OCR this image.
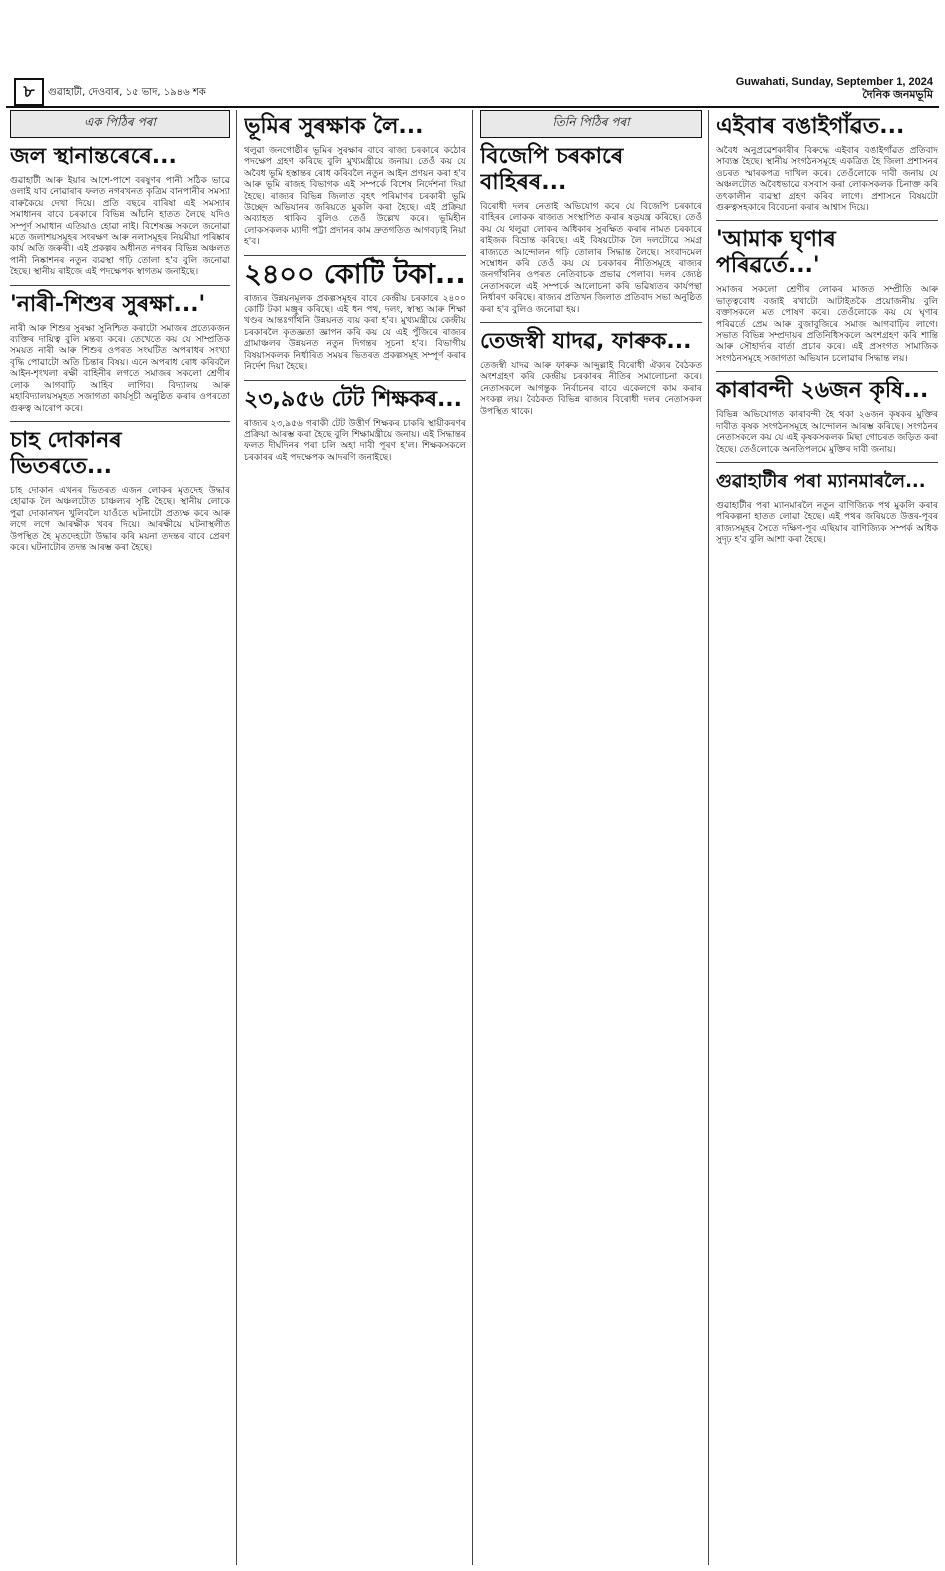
৮	গুৱাহাটী, দেওবাৰ, ১৫ ভাদ, ১৯৪৬ শক
Guwahati, Sunday, September 1, 2024
দৈনিক জনমভূমি
এক পিঠিৰ পৰা
জল স্থানান্তৰেৰে...
গুৱাহাটী আৰু ইয়াৰ আশে-পাশে বৰষুণৰ পানী সঠিক ভাৱে ওলাই যাব নোৱাৰাৰ ফলত নগৰখনত কৃত্ৰিম বানপানীৰ সমস্যা বাৰুকৈয়ে দেখা দিয়ে। প্ৰতি বছৰে বাৰিষা এই সমস্যাৰ সমাধানৰ বাবে চৰকাৰে বিভিন্ন আঁচনি হাতত লৈছে যদিও সম্পূৰ্ণ সমাধান এতিয়াও হোৱা নাই। বিশেষজ্ঞ সকলে জনোৱা মতে জলাশয়সমূহৰ সংৰক্ষণ আৰু নলাসমূহৰ নিয়মীয়া পৰিষ্কাৰ কাৰ্য অতি জৰুৰী। এই প্ৰকল্পৰ অধীনত নগৰৰ বিভিন্ন অঞ্চলত পানী নিষ্কাশনৰ নতুন ব্যৱস্থা গঢ়ি তোলা হ'ব বুলি জনোৱা হৈছে। স্থানীয় ৰাইজে এই পদক্ষেপক স্বাগতম জনাইছে।
'নাৰী-শিশুৰ সুৰক্ষা...'
নাৰী আৰু শিশুৰ সুৰক্ষা সুনিশ্চিত কৰাটো সমাজৰ প্ৰত্যেকজন ব্যক্তিৰ দায়িত্ব বুলি মন্তব্য কৰে। তেখেতে কয় যে সাম্প্ৰতিক সময়ত নাৰী আৰু শিশুৰ ওপৰত সংঘটিত অপৰাধৰ সংখ্যা বৃদ্ধি পোৱাটো অতি চিন্তাৰ বিষয়। এনে অপৰাধ ৰোধ কৰিবলৈ আইন-শৃংখলা ৰক্ষী বাহিনীৰ লগতে সমাজৰ সকলো শ্ৰেণীৰ লোক আগবাঢ়ি আহিব লাগিব। বিদ্যালয় আৰু মহাবিদ্যালয়সমূহত সজাগতা কাৰ্যসূচী অনুষ্ঠিত কৰাৰ ওপৰতো গুৰুত্ব আৰোপ কৰে।
চাহ দোকানৰ ভিতৰতে...
চাহ দোকান এখনৰ ভিতৰত এজন লোকৰ মৃতদেহ উদ্ধাৰ হোৱাক লৈ অঞ্চলটোত চাঞ্চল্যৰ সৃষ্টি হৈছে। স্থানীয় লোকে পুৱা দোকানখন খুলিবলৈ যাওঁতে ঘটনাটো প্ৰত্যক্ষ কৰে আৰু লগে লগে আৰক্ষীক খবৰ দিয়ে। আৰক্ষীয়ে ঘটনাস্থলীত উপস্থিত হৈ মৃতদেহটো উদ্ধাৰ কৰি ময়না তদন্তৰ বাবে প্ৰেৰণ কৰে। ঘটনাটোৰ তদন্ত আৰম্ভ কৰা হৈছে।
ভূমিৰ সুৰক্ষাক লৈ...
থলুৱা জনগোষ্ঠীৰ ভূমিৰ সুৰক্ষাৰ বাবে ৰাজ্য চৰকাৰে কঠোৰ পদক্ষেপ গ্ৰহণ কৰিছে বুলি মুখ্যমন্ত্ৰীয়ে জনায়। তেওঁ কয় যে অবৈধ ভূমি হস্তান্তৰ ৰোধ কৰিবলৈ নতুন আইন প্ৰণয়ন কৰা হ'ব আৰু ভূমি ৰাজহ বিভাগক এই সম্পৰ্কে বিশেষ নিৰ্দেশনা দিয়া হৈছে। ৰাজ্যৰ বিভিন্ন জিলাত বৃহৎ পৰিমাণৰ চৰকাৰী ভূমি উচ্ছেদ অভিযানৰ জৰিয়তে মুকলি কৰা হৈছে। এই প্ৰক্ৰিয়া অব্যাহত থাকিব বুলিও তেওঁ উল্লেখ কৰে। ভূমিহীন লোকসকলক ম্যাদী পট্টা প্ৰদানৰ কাম দ্ৰুতগতিত আগবঢ়াই নিয়া হ'ব।
২৪০০ কোটি টকা...
ৰাজ্যৰ উন্নয়নমূলক প্ৰকল্পসমূহৰ বাবে কেন্দ্ৰীয় চৰকাৰে ২৪০০ কোটি টকা মঞ্জুৰ কৰিছে। এই ধন পথ, দলং, স্বাস্থ্য আৰু শিক্ষা খণ্ডৰ আন্তঃগাঁথনি উন্নয়নত ব্যয় কৰা হ'ব। মুখ্যমন্ত্ৰীয়ে কেন্দ্ৰীয় চৰকাৰলৈ কৃতজ্ঞতা জ্ঞাপন কৰি কয় যে এই পুঁজিৰে ৰাজ্যৰ গ্ৰামাঞ্চলৰ উন্নয়নত নতুন দিগন্তৰ সূচনা হ'ব। বিভাগীয় বিষয়াসকলক নিৰ্ধাৰিত সময়ৰ ভিতৰত প্ৰকল্পসমূহ সম্পূৰ্ণ কৰাৰ নিৰ্দেশ দিয়া হৈছে।
২৩,৯৫৬ টেট শিক্ষকৰ...
ৰাজ্যৰ ২৩,৯৫৬ গৰাকী টেট উত্তীৰ্ণ শিক্ষকৰ চাকৰি স্থায়ীকৰণৰ প্ৰক্ৰিয়া আৰম্ভ কৰা হৈছে বুলি শিক্ষামন্ত্ৰীয়ে জনায়। এই সিদ্ধান্তৰ ফলত দীৰ্ঘদিনৰ পৰা চলি অহা দাবী পূৰণ হ'ল। শিক্ষকসকলে চৰকাৰৰ এই পদক্ষেপক আদৰণি জনাইছে।
তিনি পিঠিৰ পৰা
বিজেপি চৰকাৰে বাহিৰৰ...
বিৰোধী দলৰ নেতাই অভিযোগ কৰে যে বিজেপি চৰকাৰে বাহিৰৰ লোকক ৰাজ্যত সংস্থাপিত কৰাৰ ষড়যন্ত্ৰ কৰিছে। তেওঁ কয় যে থলুৱা লোকৰ অধিকাৰ সুৰক্ষিত কৰাৰ নামত চৰকাৰে ৰাইজক বিভ্ৰান্ত কৰিছে। এই বিষয়টোক লৈ দলটোৱে সমগ্ৰ ৰাজ্যতে আন্দোলন গঢ়ি তোলাৰ সিদ্ধান্ত লৈছে। সংবাদমেল সম্বোধন কৰি তেওঁ কয় যে চৰকাৰৰ নীতিসমূহে ৰাজ্যৰ জনগাঁথনিৰ ওপৰত নেতিবাচক প্ৰভাৱ পেলাব। দলৰ জ্যেষ্ঠ নেতাসকলে এই সম্পৰ্কে আলোচনা কৰি ভৱিষ্যতৰ কাৰ্যপন্থা নিৰ্ধাৰণ কৰিছে। ৰাজ্যৰ প্ৰতিখন জিলাত প্ৰতিবাদ সভা অনুষ্ঠিত কৰা হ'ব বুলিও জনোৱা হয়।
তেজস্বী যাদৱ, ফাৰুক...
তেজস্বী যাদৱ আৰু ফাৰুক আব্দুল্লাই বিৰোধী ঐক্যৰ বৈঠকত অংশগ্ৰহণ কৰি কেন্দ্ৰীয় চৰকাৰৰ নীতিৰ সমালোচনা কৰে। নেতাসকলে আগন্তুক নিৰ্বাচনৰ বাবে একেলগে কাম কৰাৰ সংকল্প লয়। বৈঠকত বিভিন্ন ৰাজ্যৰ বিৰোধী দলৰ নেতাসকল উপস্থিত থাকে।
এইবাৰ বঙাইগাঁৱত...
অবৈধ অনুপ্ৰৱেশকাৰীৰ বিৰুদ্ধে এইবাৰ বঙাইগাঁৱত প্ৰতিবাদ সাব্যস্ত হৈছে। স্থানীয় সংগঠনসমূহে একত্ৰিত হৈ জিলা প্ৰশাসনৰ ওচৰত স্মাৰকপত্ৰ দাখিল কৰে। তেওঁলোকে দাবী জনায় যে অঞ্চলটোত অবৈধভাৱে বসবাস কৰা লোকসকলক চিনাক্ত কৰি তৎকালীন ব্যৱস্থা গ্ৰহণ কৰিব লাগে। প্ৰশাসনে বিষয়টো গুৰুত্বসহকাৰে বিবেচনা কৰাৰ আশ্বাস দিয়ে।
'আমাক ঘৃণাৰ পৰিৱৰ্তে...'
সমাজৰ সকলো শ্ৰেণীৰ লোকৰ মাজত সম্প্ৰীতি আৰু ভাতৃত্ববোধ বজাই ৰখাটো আটাইতকৈ প্ৰয়োজনীয় বুলি বক্তাসকলে মত পোষণ কৰে। তেওঁলোকে কয় যে ঘৃণাৰ পৰিৱৰ্তে প্ৰেম আৰু বুজাবুজিৰে সমাজ আগবাঢ়িব লাগে। সভাত বিভিন্ন সম্প্ৰদায়ৰ প্ৰতিনিধিসকলে অংশগ্ৰহণ কৰি শান্তি আৰু সৌহাৰ্দ্যৰ বাৰ্তা প্ৰচাৰ কৰে। এই প্ৰসংগত সামাজিক সংগঠনসমূহে সজাগতা অভিযান চলোৱাৰ সিদ্ধান্ত লয়।
কাৰাবন্দী ২৬জন কৃষি...
বিভিন্ন অভিযোগত কাৰাবন্দী হৈ থকা ২৬জন কৃষকৰ মুক্তিৰ দাবীত কৃষক সংগঠনসমূহে আন্দোলন আৰম্ভ কৰিছে। সংগঠনৰ নেতাসকলে কয় যে এই কৃষকসকলক মিছা গোচৰত জড়িত কৰা হৈছে। তেওঁলোকে অনতিপলমে মুক্তিৰ দাবী জনায়।
গুৱাহাটীৰ পৰা ম্যানমাৰলৈ...
গুৱাহাটীৰ পৰা ম্যানমাৰলৈ নতুন বাণিজ্যিক পথ মুকলি কৰাৰ পৰিকল্পনা হাতত লোৱা হৈছে। এই পথৰ জৰিয়তে উত্তৰ-পূবৰ ৰাজ্যসমূহৰ সৈতে দক্ষিণ-পূব এছিয়াৰ বাণিজ্যিক সম্পৰ্ক অধিক সুদৃঢ় হ'ব বুলি আশা কৰা হৈছে।
